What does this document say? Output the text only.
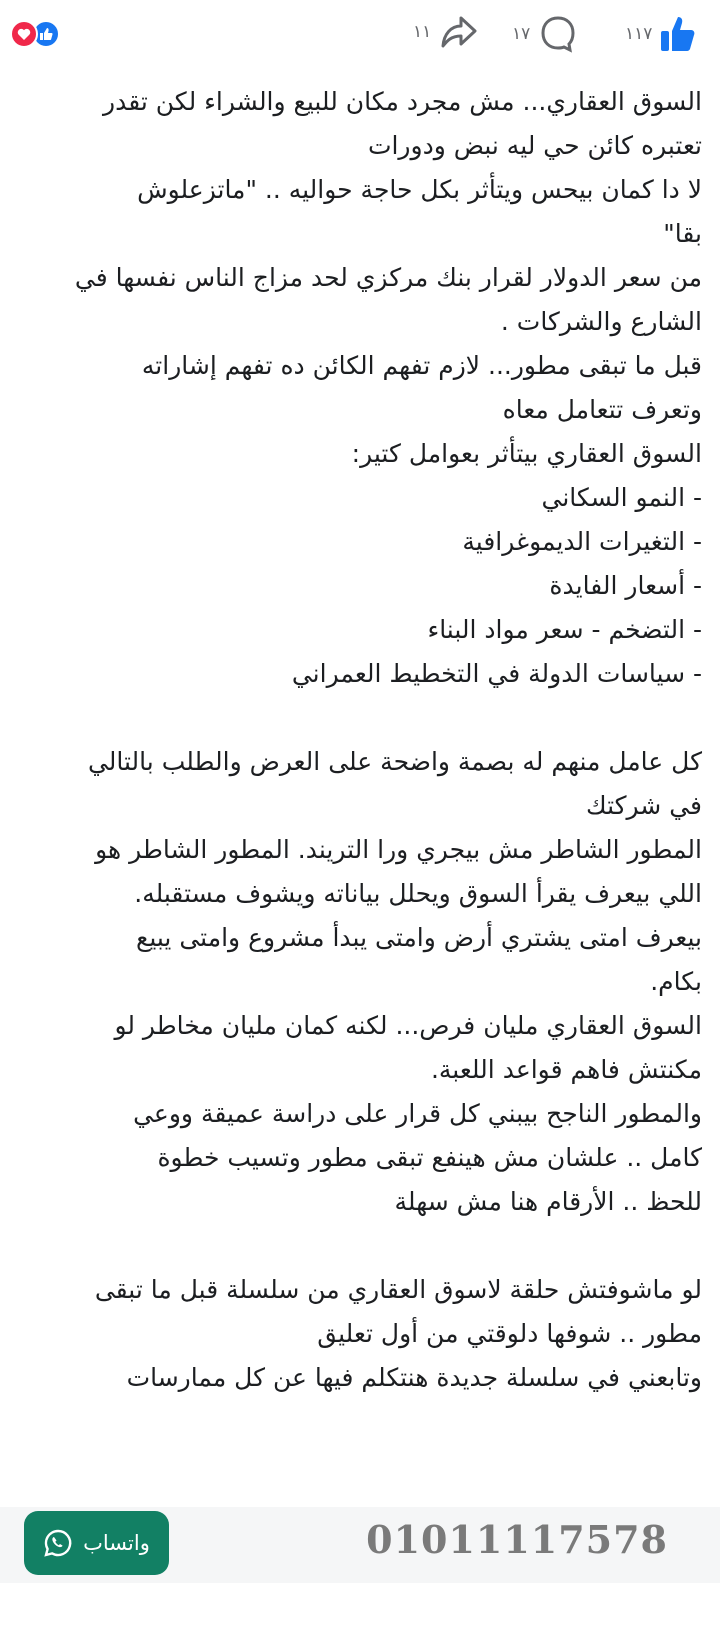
١١	١٧	١١٧
السوق العقاري... مش مجرد مكان للبيع والشراء لكن تقدر
تعتبره كائن حي ليه نبض ودورات
لا دا كمان بيحس ويتأثر بكل حاجة حواليه .. "ماتزعلوش
بقا"
من سعر الدولار لقرار بنك مركزي لحد مزاج الناس نفسها في
الشارع والشركات .
قبل ما تبقى مطور... لازم تفهم الكائن ده تفهم إشاراته
وتعرف تتعامل معاه
السوق العقاري بيتأثر بعوامل كتير:
- النمو السكاني
- التغيرات الديموغرافية
- أسعار الفايدة
- التضخم - سعر مواد البناء
- سياسات الدولة في التخطيط العمراني
كل عامل منهم له بصمة واضحة على العرض والطلب بالتالي
في شركتك
المطور الشاطر مش بيجري ورا التريند. المطور الشاطر هو
اللي بيعرف يقرأ السوق ويحلل بياناته ويشوف مستقبله.
بيعرف امتى يشتري أرض وامتى يبدأ مشروع وامتى يبيع
بكام.
السوق العقاري مليان فرص... لكنه كمان مليان مخاطر لو
مكنتش فاهم قواعد اللعبة.
والمطور الناجح بيبني كل قرار على دراسة عميقة ووعي
كامل .. علشان مش هينفع تبقى مطور وتسيب خطوة
للحظ .. الأرقام هنا مش سهلة
لو ماشوفتش حلقة لاسوق العقاري من سلسلة قبل ما تبقى
مطور .. شوفها دلوقتي من أول تعليق
وتابعني في سلسلة جديدة هنتكلم فيها عن كل ممارسات
واتساب	01011117578
